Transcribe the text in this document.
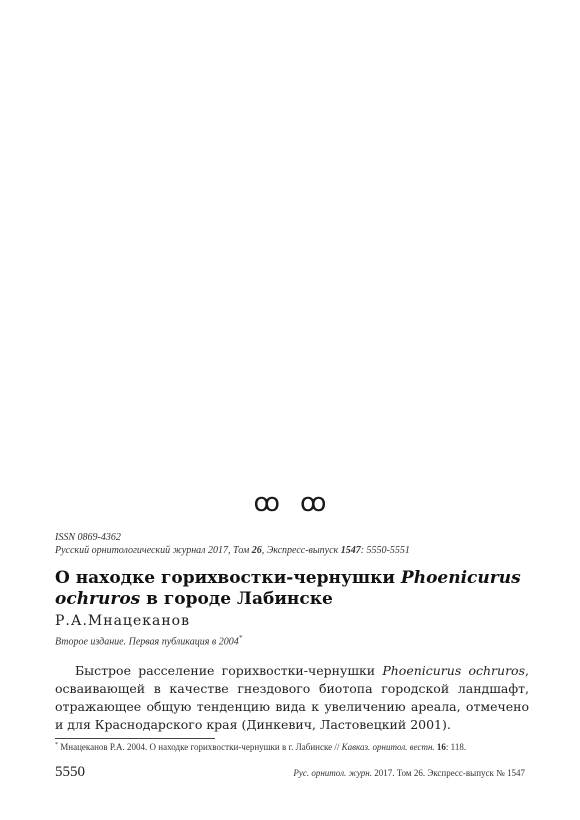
ꝏ ꝏ
ISSN 0869-4362
Русский орнитологический журнал 2017, Том 26, Экспресс-выпуск 1547: 5550-5551
О находке горихвостки-чернушки Phoenicurus ochruros в городе Лабинске
Р.А.Мнацеканов
Второе издание. Первая публикация в 2004*
Быстрое расселение горихвостки-чернушки Phoenicurus ochruros, осваивающей в качестве гнездового биотопа городской ландшафт, отражающее общую тенденцию вида к увеличению ареала, отмечено и для Краснодарского края (Динкевич, Ластовецкий 2001).
* Мнацеканов Р.А. 2004. О находке горихвостки-чернушки в г. Лабинске // Кавказ. орнитол. вестн. 16: 118.
5550	Рус. орнитол. журн. 2017. Том 26. Экспресс-выпуск № 1547
